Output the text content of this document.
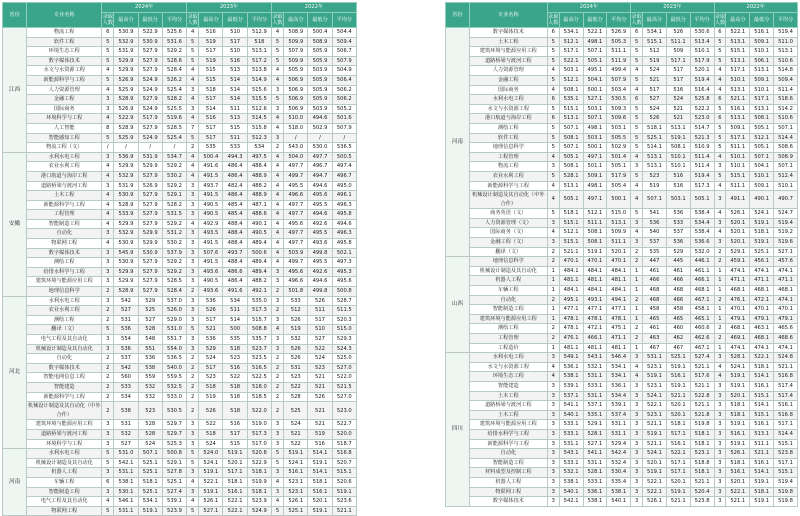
省份	专业名称	2024年				2023年				2022年			
		录取人数	最高分	最低分	平均分	录取人数	最高分	最低分	平均分	录取人数	最高分	最低分	平均分
江西	物流工程	6	530.9	522.9	525.6	4	516	510	512.9	4	508.9	500.4	504.4
	软件工程	5	532.9	530.9	531.6	5	519	517	518	5	509.9	508.9	509.4
	环境生态工程	5	531.9	527.9	529.2	5	517	510	513.1	5	507.9	505.9	506.7
	数字媒体技术	5	529.9	527.9	528.6	5	519	516	517.2	5	509.9	505.9	507.9
	水文与水资源工程	4	529.9	527.9	528.4	4	515	513	513.8	4	505.9	503.9	504.9
	新能源科学与工程	5	526.9	524.9	526.2	4	515	514	514.9	4	506.9	505.9	506.4
	人力资源管理	4	525.9	524.9	525.4	3	518	514	515.6	3	506.9	505.9	506.2
	金融工程	3	528.9	527.9	528.2	4	517	514	515.5	5	506.9	505.9	506.2
	国际商务	3	526.9	524.9	525.5	3	514	511	512.6	3	506.9	503.9	505.2
	环境科学与工程	4	522.9	517.9	519.6	4	516	513	514.5	4	510.0	494.6	501.6
	人工智能	8	528.9	527.9	528.5	7	517	515	515.8	4	518.0	502.9	507.9
	智能感知工程	5	525.9	524.9	525.4	5	517	511	512.3	3	/	/	/
	物流工程（文）	/	/	/	/	2	535	533	534	2	543.0	530.0	536.5
安徽	水利水电工程	3	536.9	531.9	534.7	4	500.4	494.3	497.5	4	504.0	497.7	500.5
	农业水利工程	4	529.9	529.9	529.2	4	491.6	486.4	488.4	4	497.7	496.7	497.4
	港口航道与海岸工程	4	532.9	527.9	530.2	4	491.5	486.4	488.9	4	499.7	494.7	496.7
	道路桥梁与渡河工程	3	531.9	526.9	529.2	3	493.7	482.4	488.2	4	495.5	494.6	495.0
	土木工程	4	530.9	527.9	529.1	3	491.5	486.4	488.9	4	496.6	495.6	496.1
	新能源科学与工程	4	528.9	527.9	528.2	3	490.5	485.4	487.1	4	497.7	495.5	496.3
	工程管理	4	533.9	527.9	531.5	3	490.5	485.4	488.6	4	497.7	494.6	495.8
	智能制造工程	4	529.9	527.9	529.2	4	492.9	488.4	490.1	4	495.6	492.6	494.6
	自动化	3	532.9	529.9	531.2	3	493.5	488.4	490.5	4	497.7	495.5	496.3
	物联网工程	4	530.9	529.9	530.2	3	491.5	488.4	489.4	4	497.7	493.6	495.8
	数字媒体技术	3	545.9	530.9	537.9	3	507.6	493.7	500.6	4	503.9	499.8	502.1
	测绘工程	3	530.9	527.9	529.2	3	491.5	488.4	489.4	4	499.7	495.5	497.3
	给排水科学与工程	3	529.9	527.9	529.2	3	493.6	486.6	489.4	3	495.6	492.6	495.3
	建筑环境与能源应用工程	3	529.9	527.9	528.5	3	490.5	486.4	488.2	3	496.6	494.6	495.6
	地理信息科学	2	528.9	527.9	528.4	2	493.6	491.6	492.1	2	501.8	499.8	500.8
河北	水利水电工程	3	542	529	537.0	3	536	534	535.0	3	533	526	528.7
	农业水利工程	2	527	525	526.0	3	526	511	517.3	2	512	511	511.5
	测绘工程	2	531	527	529.0	3	517	514	515.7	3	526	517	520.3
	翻译（文）	5	536	528	531.0	5	521	500	508.8	4	519	510	515.0
	电气工程及其自动化	3	554	548	551.7	3	536	535	535.7	3	532	527	529.3
	机械设计制造及其自动化	3	536	551	554.0	3	529	518	523.7	3	526	522	524.3
	自动化	2	537	536	536.5	2	524	523	523.5	2	526	524	525.0
	数字媒体技术	2	542	538	540.0	2	517	516	516.5	2	531	523	527.0
	智能电网信息工程	2	560	559	559.5	2	523	522	522.5	2	523	521	522.0
	智能建造	2	533	532	532.5	2	518	518	518.0	2	522	521	521.5
	新能源科学与工程	2	534	532	533.0	2	519	518	518.5	2	528	526	527.0
	机械设计制造及其自动化（中外合作）	2	538	523	530.5	2	526	518	522.0	2	525	521	523.0
	建筑环境与能源应用工程	3	531	528	529.7	3	522	516	519.0	3	524	521	522.7
	道路桥梁与渡河工程	3	532	528	529.7	3	518	517	517.3	3	521	519	520.0
	环境科学与工程	3	527	524	525.3	3	524	515	517.0	3	522	516	518.7
河南	水利水电工程	5	531.0	507.1	500.8	5	524.0	519.1	520.8	5	519.1	514.1	516.8
	机械设计制造及其自动化	5	542.1	525.1	529.1	5	524.1	520.1	522.9	5	524.1	519.1	520.7
	机器人工程	3	531.1	525.1	527.8	3	519.1	517.1	518.1	3	516.1	514.1	515.1
	车辆工程	6	538.1	518.1	525.1	4	522.1	518.1	519.9	4	523.1	518.1	520.6
	智能制造工程	3	530.1	525.1	527.4	3	519.1	516.1	518.1	3	523.1	516.1	519.1
	电气工程及其自动化	4	546.1	534.1	539.1	4	526.1	522.1	523.9	4	526.1	520.1	523.6
	物联网工程	5	531.1	519.1	523.9	5	527.1	522.1	524.9	5	525.1	519.1	521.1
省份	专业名称	2024年				2023年				2022年			
		录取人数	最高分	最低分	平均分	录取人数	最高分	最低分	平均分	录取人数	最高分	最低分	平均分
河南	数字媒体技术	6	534.1	522.1	526.9	6	534.1	526	530.6	6	522.1	516.1	519.4
	土木工程	5	512.1	498.1	505.3	5	515.1	511.1	513.4	5	513.1	509.1	511.0
	建筑环境与能源应用工程	5	517.1	507.1	511.1	5	512	509	510.1	5	515.1	510.1	513.1
	道路桥梁与渡河工程	5	522.1	505.1	511.9	5	519	517.1	517.9	5	513.1	506.1	510.6
	人力资源管理	4	503.1	495.1	499.4	4	524	517	520.1	4	517.1	513.1	514.8
	金融工程	5	512.1	504.1	507.9	5	521	517	519.4	4	510.1	509.1	509.4
	国际商务	4	508.1	500.1	503.4	4	517	516	516.4	4	513.1	510.1	511.4
	水利水电工程	6	535.1	527.1	530.5	6	527	524	525.8	6	521.1	517.1	518.6
	水文与水资源工程	5	515.1	503.1	509.3	5	524	521	522.2	5	516.1	513.1	514.2
	港口航道与海岸工程	6	513.1	507.1	509.6	5	526	521	523.0	6	513.1	508.1	510.6
	测绘工程	5	507.1	498.1	503.1	5	518.1	513.1	514.7	5	509.1	505.1	507.1
	软件工程	5	508.1	503.1	505.5	5	525.1	519.1	521.3	5	517.1	512.1	514.4
	地理信息科学	5	507.1	500.1	502.9	5	514.1	508.1	510.9	5	511.1	505.1	508.6
	工程管理	4	505.1	497.1	501.4	4	513.1	510.1	511.4	4	510.1	507.1	508.9
	物流工程	3	508.1	501.1	505.1	3	513.1	510.1	511.4	3	510.1	504.1	507.1
	农业水利工程	5	528.1	509.1	517.9	5	523	516	519.4	5	515.1	510.1	512.4
	新能源科学与工程	4	513.1	498.1	505.4	4	519	516	517.3	4	511.1	509.1	510.1
	机械设计制造及其自动化（中外合作）	4	505.1	497.1	500.1	4	507.1	503.1	505.1	3	491.1	490.1	490.7
	商务英语（文）	5	518.1	512.1	515.0	5	541	536	538.4	4	526.1	524.1	524.7
	人力资源管理（文）	3	515.1	511.1	513.1	3	536	533	534.4	3	520.1	519.1	519.4
	国际商务（文）	4	512.1	508.1	509.9	4	540	537	538.4	4	520.1	518.1	519.2
	金融工程（文）	3	515.1	508.1	511.1	3	537	536	536.6	3	520.1	519.1	519.6
	翻译（文）	2	521.1	519.1	520.1	2	535	529	532.0	2	529.1	525.1	527.1
山西	地理信息科学	2	470.1	470.1	470.1	2	447	445	446.1	2	459.1	456.1	457.6
	机械设计制造及其自动化	1	484.1	484.1	484.1	1	461	461	461.1	1	474.1	474.1	474.1
	机器人工程	1	481.1	481.1	481.1	1	466	466	466.1	1	471.1	471.1	471.1
	车辆工程	1	484.1	484.1	484.1	1	468	468	468.1	1	468.1	468.1	468.1
	自动化	2	495.1	493.1	494.1	2	468	466	467.1	2	476.1	472.1	474.1
	智能制造工程	1	477.1	477.1	477.1	1	458	458	458.1	1	470.1	470.1	470.1
	建筑环境与能源应用工程	1	478.1	478.1	478.1	1	465	465	465.1	1	479.1	479.1	479.1
	测绘工程	2	478.1	472.1	475.1	2	461	460	460.6	2	468.1	463.1	465.6
	工程管理	2	476.1	466.1	471.1	2	463	462	462.6	2	469.1	468.1	468.6
	工程造价	1	481.1	481.1	481.1	1	467	467	467.1	1	474.1	474.1	474.1
四川	水利水电工程	3	549.1	543.1	546.4	3	531.1	525.1	527.4	3	528.1	522.1	524.8
	水文与水资源工程	4	536.1	532.1	534.1	4	523.1	519.1	521.1	4	524.1	518.1	521.1
	环境生态工程	4	538.1	531.1	534.1	4	519.1	516.1	517.6	4	519.1	514.1	516.8
	智能建造	3	539.1	533.1	536.1	3	523.1	519.1	521.1	3	519.1	516.1	517.4
	土木工程	3	537.1	531.1	534.4	3	524.1	521.1	522.8	3	520.1	515.1	517.4
	道路桥梁与渡河工程	3	541.1	537.1	539.1	3	522.1	520.1	521.1	3	518.1	514.1	516.1
	土木工程	3	540.1	535.1	537.4	3	523.1	520.1	521.8	3	518.1	515.1	516.8
	建筑环境与能源应用工程	3	533.1	529.1	531.1	3	521.1	518.1	519.8	3	519.1	516.1	517.1
	给排水科学与工程	3	533.1	528.1	531.1	3	519.1	517.1	518.1	3	516.1	513.1	514.4
	新能源科学与工程	3	531.1	527.1	529.4	3	521.1	516.1	518.1	3	519.1	511.1	515.1
	自动化	3	543.1	541.1	542.4	3	524.1	522.1	523.1	3	526.1	521.1	523.8
	智能制造工程	3	533.1	531.1	532.4	3	520.1	517.1	518.8	3	518.1	516.1	517.1
	材料成型及控制工程	3	532.1	528.1	530.4	3	519.1	517.1	518.1	3	516.1	514.1	515.1
	机器人工程	3	538.1	533.1	535.4	3	522.1	520.1	521.1	3	520.1	519.1	519.4
	物联网工程	3	540.1	536.1	538.1	3	522.1	519.1	520.4	3	522.1	518.1	519.8
	数字媒体技术	3	542.1	538.1	540.1	3	526.1	521.1	523.8	3	521.1	519.1	519.8
